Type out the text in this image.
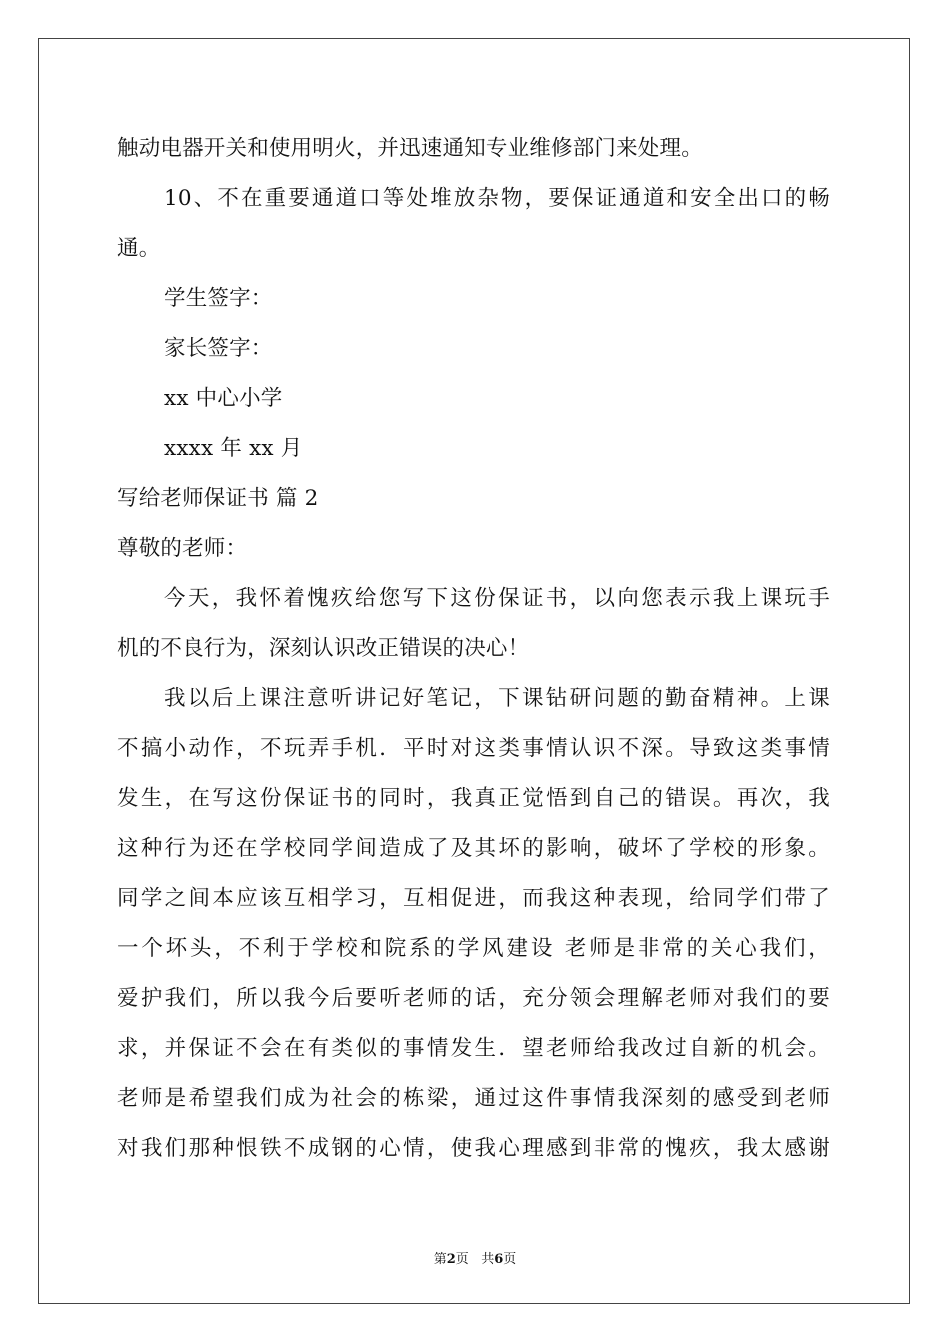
触动电器开关和使用明火，并迅速通知专业维修部门来处理。
10、不在重要通道口等处堆放杂物，要保证通道和安全出口的畅
通。
学生签字：
家长签字：
xx 中心小学
xxxx 年 xx 月
写给老师保证书 篇 2
尊敬的老师：
今天，我怀着愧疚给您写下这份保证书，以向您表示我上课玩手
机的不良行为，深刻认识改正错误的决心！
我以后上课注意听讲记好笔记，下课钻研问题的勤奋精神。上课
不搞小动作，不玩弄手机．平时对这类事情认识不深。导致这类事情
发生，在写这份保证书的同时，我真正觉悟到自己的错误。再次，我
这种行为还在学校同学间造成了及其坏的影响，破坏了学校的形象。
同学之间本应该互相学习，互相促进，而我这种表现，给同学们带了
一个坏头，不利于学校和院系的学风建设 老师是非常的关心我们，
爱护我们，所以我今后要听老师的话，充分领会理解老师对我们的要
求，并保证不会在有类似的事情发生．望老师给我改过自新的机会。
老师是希望我们成为社会的栋梁，通过这件事情我深刻的感受到老师
对我们那种恨铁不成钢的心情，使我心理感到非常的愧疚，我太感谢
第2页 共6页
